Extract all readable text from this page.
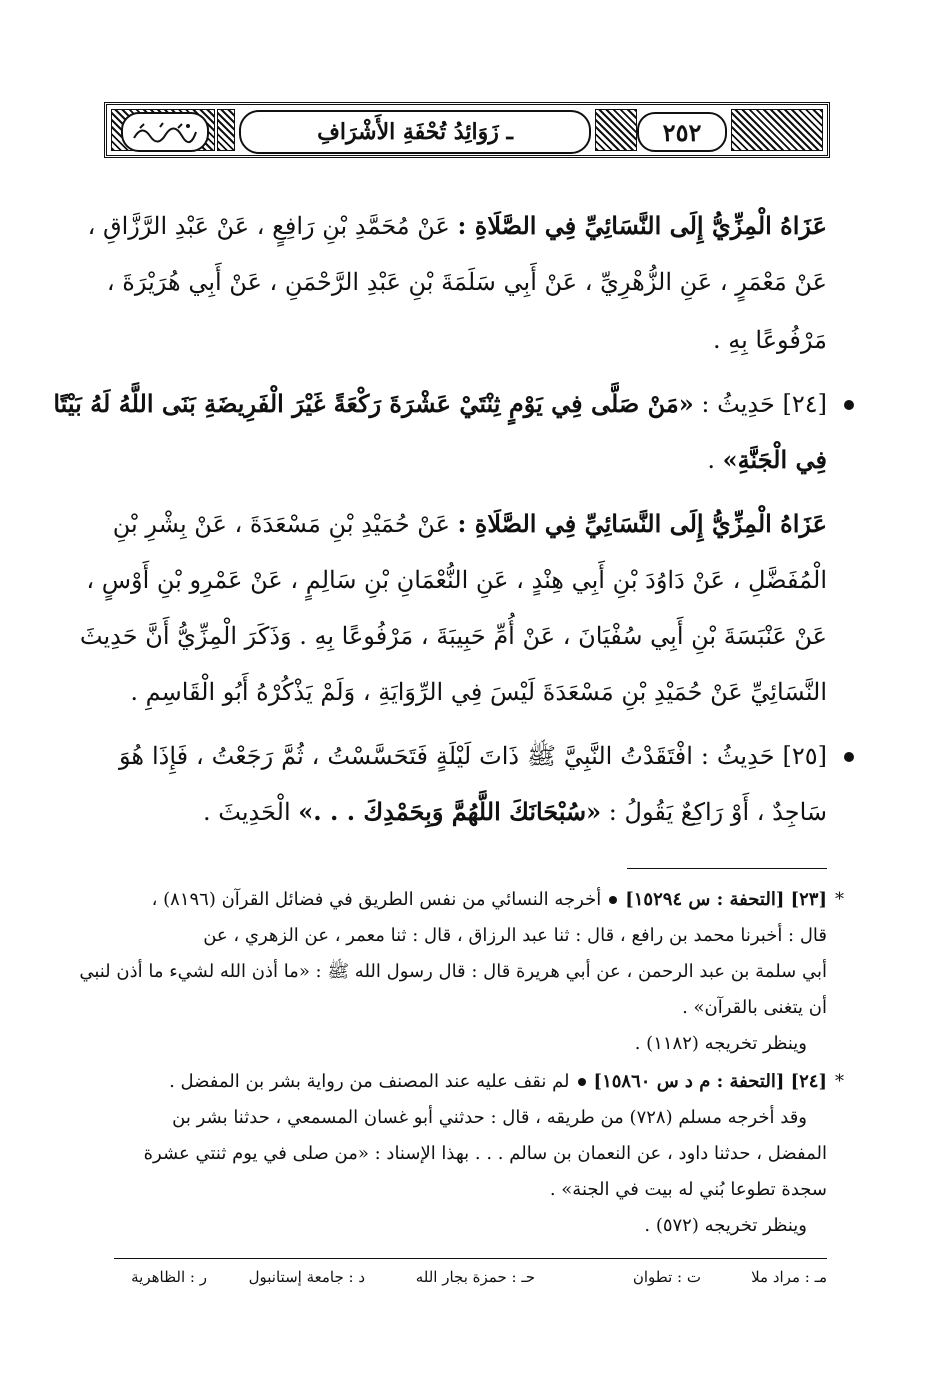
٢٥٢
ـ زَوَائِدُ تُحْفَةِ الأَشْرَافِ
عَزَاهُ الْمِزِّيُّ إِلَى النَّسَائِيِّ فِي الصَّلَاةِ : عَنْ مُحَمَّدِ بْنِ رَافِعٍ ، عَنْ عَبْدِ الرَّزَّاقِ ،
عَنْ مَعْمَرٍ ، عَنِ الزُّهْرِيِّ ، عَنْ أَبِي سَلَمَةَ بْنِ عَبْدِ الرَّحْمَنِ ، عَنْ أَبِي هُرَيْرَةَ ،
مَرْفُوعًا بِهِ .
[٢٤] حَدِيثُ : «مَنْ صَلَّى فِي يَوْمٍ ثِنْتَيْ عَشْرَةَ رَكْعَةً غَيْرَ الْفَرِيضَةِ بَنَى اللَّهُ لَهُ بَيْتًا
فِي الْجَنَّةِ» .
عَزَاهُ الْمِزِّيُّ إِلَى النَّسَائِيِّ فِي الصَّلَاةِ : عَنْ حُمَيْدِ بْنِ مَسْعَدَةَ ، عَنْ بِشْرِ بْنِ
الْمُفَضَّلِ ، عَنْ دَاوُدَ بْنِ أَبِي هِنْدٍ ، عَنِ النُّعْمَانِ بْنِ سَالِمٍ ، عَنْ عَمْرِو بْنِ أَوْسٍ ،
عَنْ عَنْبَسَةَ بْنِ أَبِي سُفْيَانَ ، عَنْ أُمِّ حَبِيبَةَ ، مَرْفُوعًا بِهِ . وَذَكَرَ الْمِزِّيُّ أَنَّ حَدِيثَ
النَّسَائِيِّ عَنْ حُمَيْدِ بْنِ مَسْعَدَةَ لَيْسَ فِي الرِّوَايَةِ ، وَلَمْ يَذْكُرْهُ أَبُو الْقَاسِمِ .
[٢٥] حَدِيثُ : افْتَقَدْتُ النَّبِيَّ ﷺ ذَاتَ لَيْلَةٍ فَتَحَسَّسْتُ ، ثُمَّ رَجَعْتُ ، فَإِذَا هُوَ
سَاجِدٌ ، أَوْ رَاكِعٌ يَقُولُ : «سُبْحَانَكَ اللَّهُمَّ وَبِحَمْدِكَ . . .» الْحَدِيثَ .
*
[٢٣] [التحفة : س ١٥٢٩٤]أخرجه النسائي من نفس الطريق في فضائل القرآن (٨١٩٦) ،
قال : أخبرنا محمد بن رافع ، قال : ثنا عبد الرزاق ، قال : ثنا معمر ، عن الزهري ، عن
أبي سلمة بن عبد الرحمن ، عن أبي هريرة قال : قال رسول الله ﷺ : «ما أذن الله لشيء ما أذن لنبي
أن يتغنى بالقرآن» .
وينظر تخريجه (١١٨٢) .
*
[٢٤] [التحفة : م د س ١٥٨٦٠]لم نقف عليه عند المصنف من رواية بشر بن المفضل .
وقد أخرجه مسلم (٧٢٨) من طريقه ، قال : حدثني أبو غسان المسمعي ، حدثنا بشر بن
المفضل ، حدثنا داود ، عن النعمان بن سالم . . . بهذا الإسناد : «من صلى في يوم ثنتي عشرة
سجدة تطوعا بُني له بيت في الجنة» .
وينظر تخريجه (٥٧٢) .
مـ : مراد ملا
ت : تطوان
حـ : حمزة بجار الله
د : جامعة إستانبول
ر : الظاهرية
